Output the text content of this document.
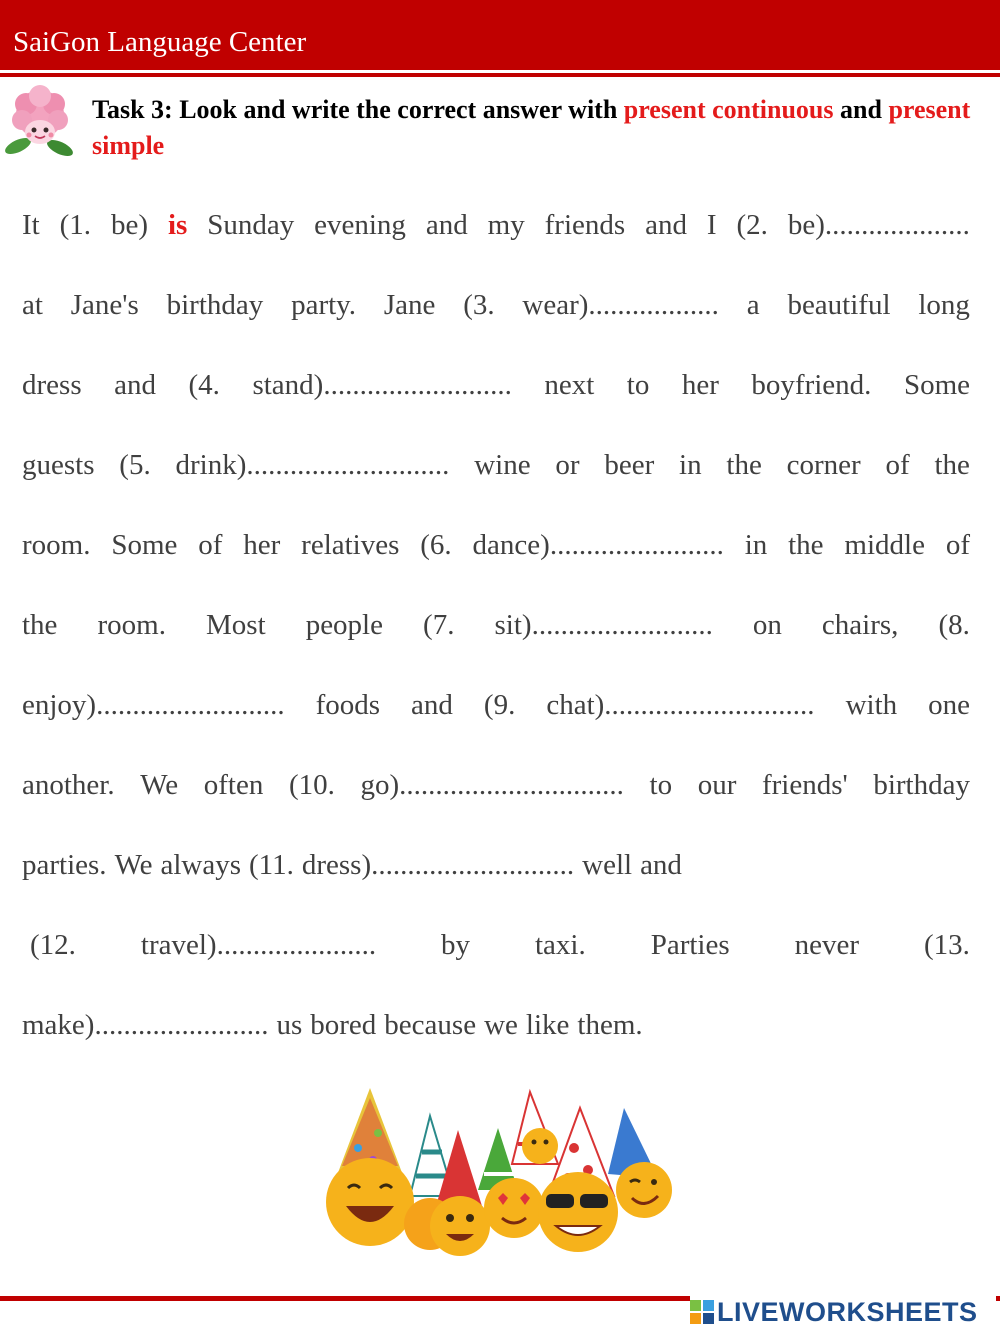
SaiGon Language Center
Task 3: Look and write the correct answer with present continuous and present simple
It (1. be) is Sunday evening and my friends and I (2. be)....................
at Jane's birthday party. Jane (3. wear).................. a beautiful long
dress and (4. stand).......................... next to her boyfriend. Some
guests (5. drink)............................ wine or beer in the corner of the
room. Some of her relatives (6. dance)........................ in the middle of
the room. Most people (7. sit)......................... on chairs, (8.
enjoy).......................... foods and (9. chat)............................. with one
another. We often (10. go)............................... to our friends' birthday
parties. We always (11. dress)............................ well and
(12. travel)...................... by taxi. Parties never (13.
make)........................ us bored because we like them.
LIVEWORKSHEETS
